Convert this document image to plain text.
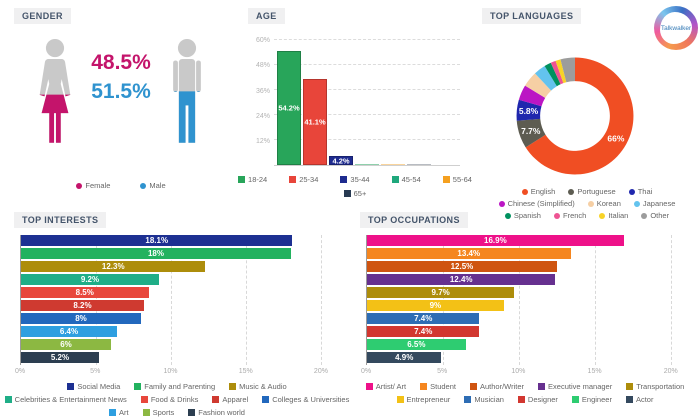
GENDER
48.5%
51.5%
Female	Male
AGE
54.2%
41.1%
4.2%
12%
24%
36%
48%
60%
18-24	25-34	35-44	45-54	55-64
65+
TOP LANGUAGES
Talkwalker
66%
7.7%
5.8%
English	Portuguese	Thai
Chinese (Simplified)	Korean	Japanese
Spanish	French	Italian	Other
TOP INTERESTS
18.1%
18%
12.3%
9.2%
8.5%
8.2%
8%
6.4%
6%
5.2%
0%	5%	10%	15%	20%
Social Media	Family and Parenting	Music & Audio
Celebrities & Entertainment News	Food & Drinks	Apparel	Colleges & Universities
Art	Sports	Fashion world
TOP OCCUPATIONS
16.9%
13.4%
12.5%
12.4%
9.7%
9%
7.4%
7.4%
6.5%
4.9%
0%	5%	10%	15%	20%
Artist/ Art	Student	Author/Writer	Executive manager	Transportation
Entrepreneur	Musician	Designer	Engineer	Actor
